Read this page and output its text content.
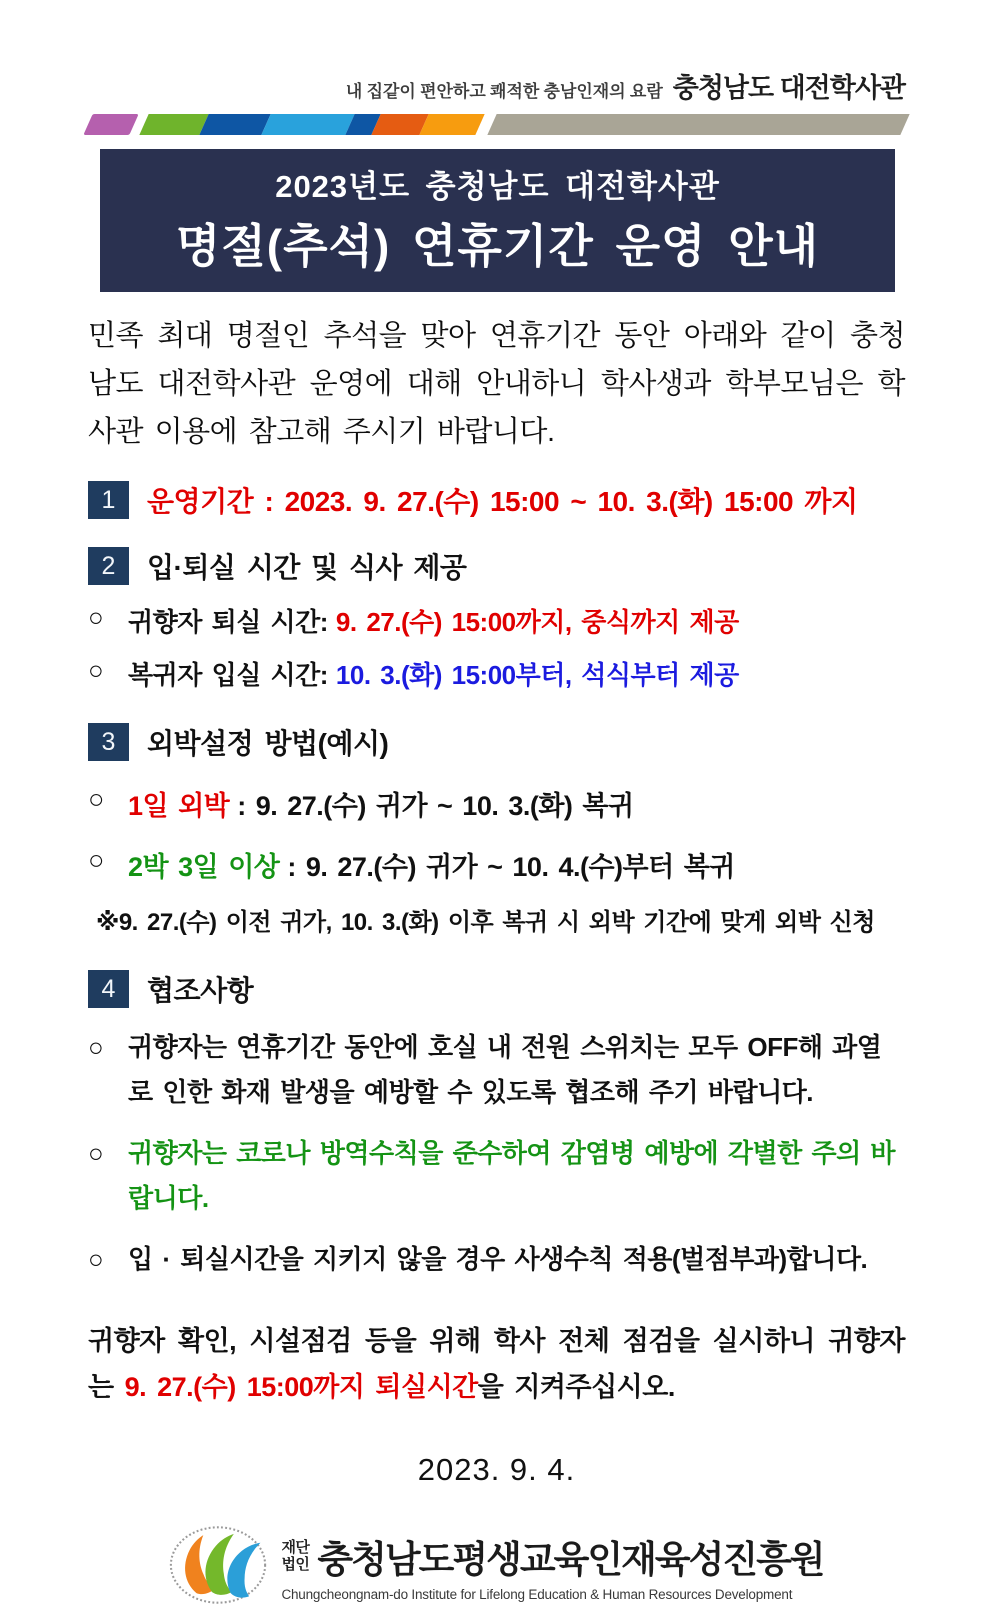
내 집같이 편안하고 쾌적한 충남인재의 요람 충청남도 대전학사관
2023년도 충청남도 대전학사관
명절(추석) 연휴기간 운영 안내

민족 최대 명절인 추석을 맞아 연휴기간 동안 아래와 같이 충청남도 대전학사관 운영에 대해 안내하니 학사생과 학부모님은 학사관 이용에 참고해 주시기 바랍니다.

1	운영기간 : 2023. 9. 27.(수) 15:00 ~ 10. 3.(화) 15:00 까지
2	입·퇴실 시간 및 식사 제공
○ 귀향자 퇴실 시간: 9. 27.(수) 15:00까지, 중식까지 제공
○ 복귀자 입실 시간: 10. 3.(화) 15:00부터, 석식부터 제공
3	외박설정 방법(예시)
○ 1일 외박 : 9. 27.(수) 귀가 ~ 10. 3.(화) 복귀
○ 2박 3일 이상 : 9. 27.(수) 귀가 ~ 10. 4.(수)부터 복귀
※9. 27.(수) 이전 귀가, 10. 3.(화) 이후 복귀 시 외박 기간에 맞게 외박 신청
4	협조사항
○ 귀향자는 연휴기간 동안에 호실 내 전원 스위치는 모두 OFF해 과열로 인한 화재 발생을 예방할 수 있도록 협조해 주기 바랍니다.
○ 귀향자는 코로나 방역수칙을 준수하여 감염병 예방에 각별한 주의 바랍니다.
○ 입 · 퇴실시간을 지키지 않을 경우 사생수칙 적용(벌점부과)합니다.

귀향자 확인, 시설점검 등을 위해 학사 전체 점검을 실시하니 귀향자는 9. 27.(수) 15:00까지 퇴실시간을 지켜주십시오.

2023. 9. 4.
재단
법인 충청남도평생교육인재육성진흥원
Chungcheongnam-do Institute for Lifelong Education & Human Resources Development
